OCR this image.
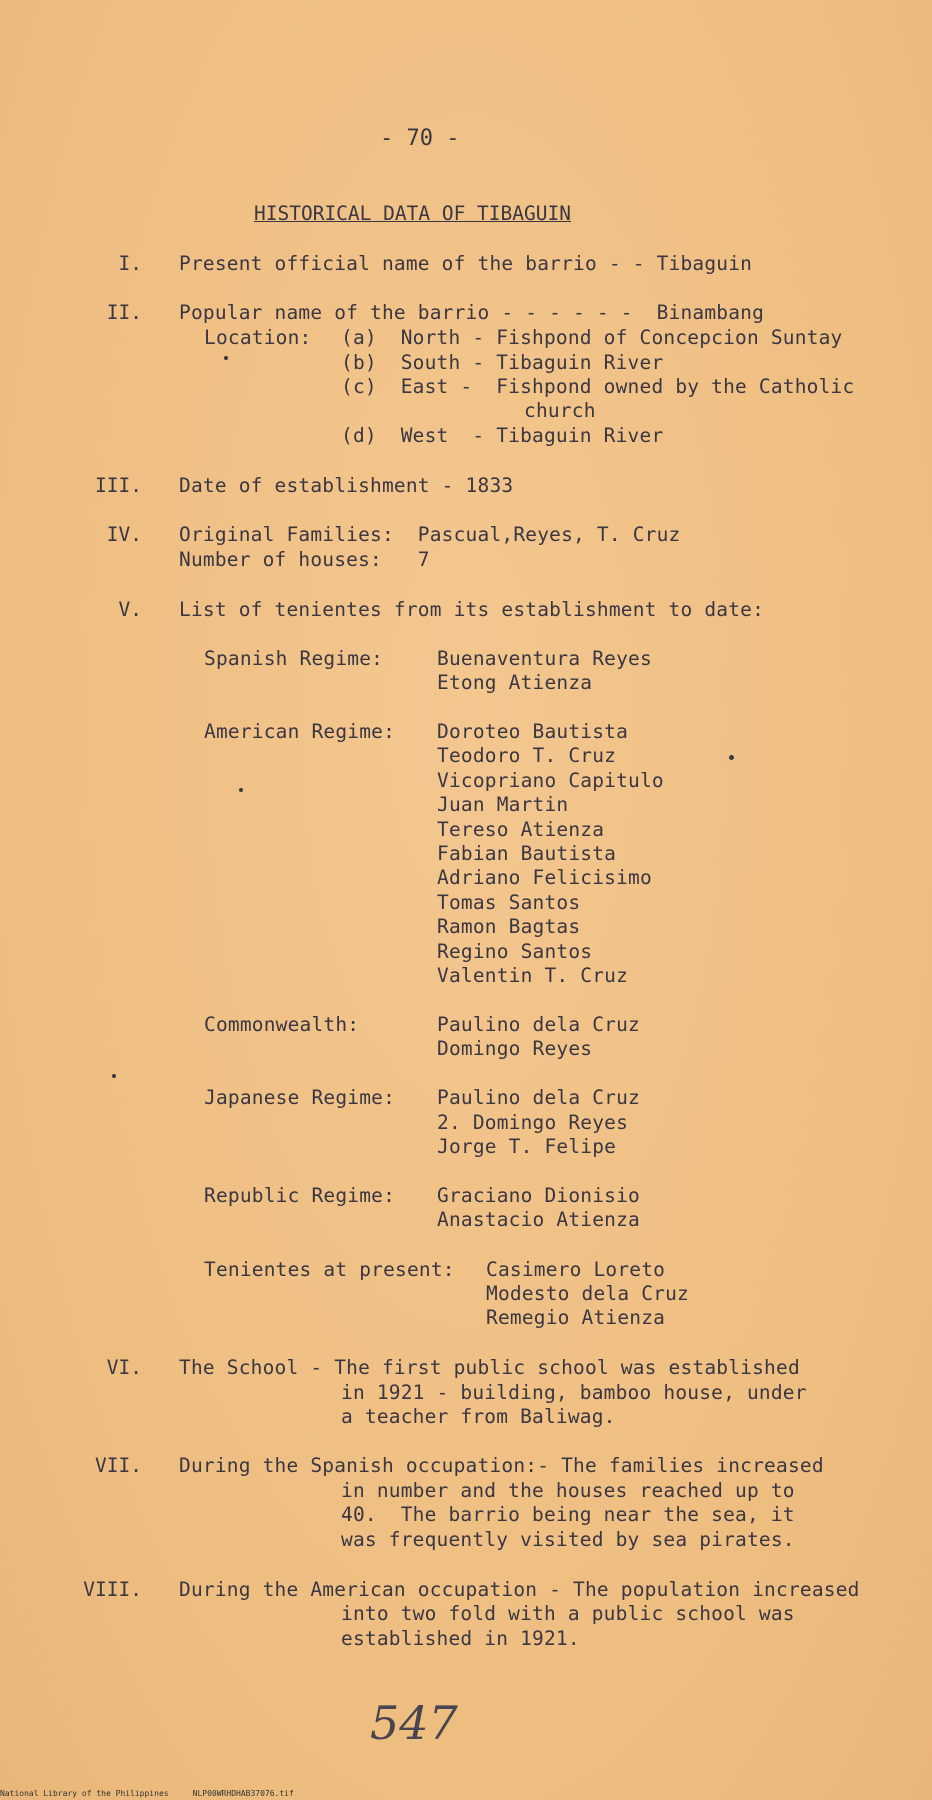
- 70 -
HISTORICAL DATA OF TIBAGUIN
I. Present official name of the barrio - - Tibaguin
II. Popular name of the barrio - - - - - -  Binambang
Location: (a)  North - Fishpond of Concepcion Suntay
(b)  South - Tibaguin River
(c)  East -  Fishpond owned by the Catholic
church
(d)  West  - Tibaguin River
III. Date of establishment - 1833
IV. Original Families:  Pascual,Reyes, T. Cruz
Number of houses:   7
V. List of tenientes from its establishment to date:
Spanish Regime:	Buenaventura Reyes
Etong Atienza
American Regime: Doroteo Bautista
Teodoro T. Cruz
Vicopriano Capitulo
Juan Martin
Tereso Atienza
Fabian Bautista
Adriano Felicisimo
Tomas Santos
Ramon Bagtas
Regino Santos
Valentin T. Cruz
Commonwealth:	Paulino dela Cruz
Domingo Reyes
Japanese Regime: Paulino dela Cruz
2. Domingo Reyes
Jorge T. Felipe
Republic Regime: Graciano Dionisio
Anastacio Atienza
Tenientes at present: Casimero Loreto
Modesto dela Cruz
Remegio Atienza
VI. The School - The first public school was established
in 1921 - building, bamboo house, under
a teacher from Baliwag.
VII. During the Spanish occupation:- The families increased
in number and the houses reached up to
40.  The barrio being near the sea, it
was frequently visited by sea pirates.
VIII. During the American occupation - The population increased
into two fold with a public school was
established in 1921.
547
National Library of the Philippines     NLP00WRHDHAB37076.tif
